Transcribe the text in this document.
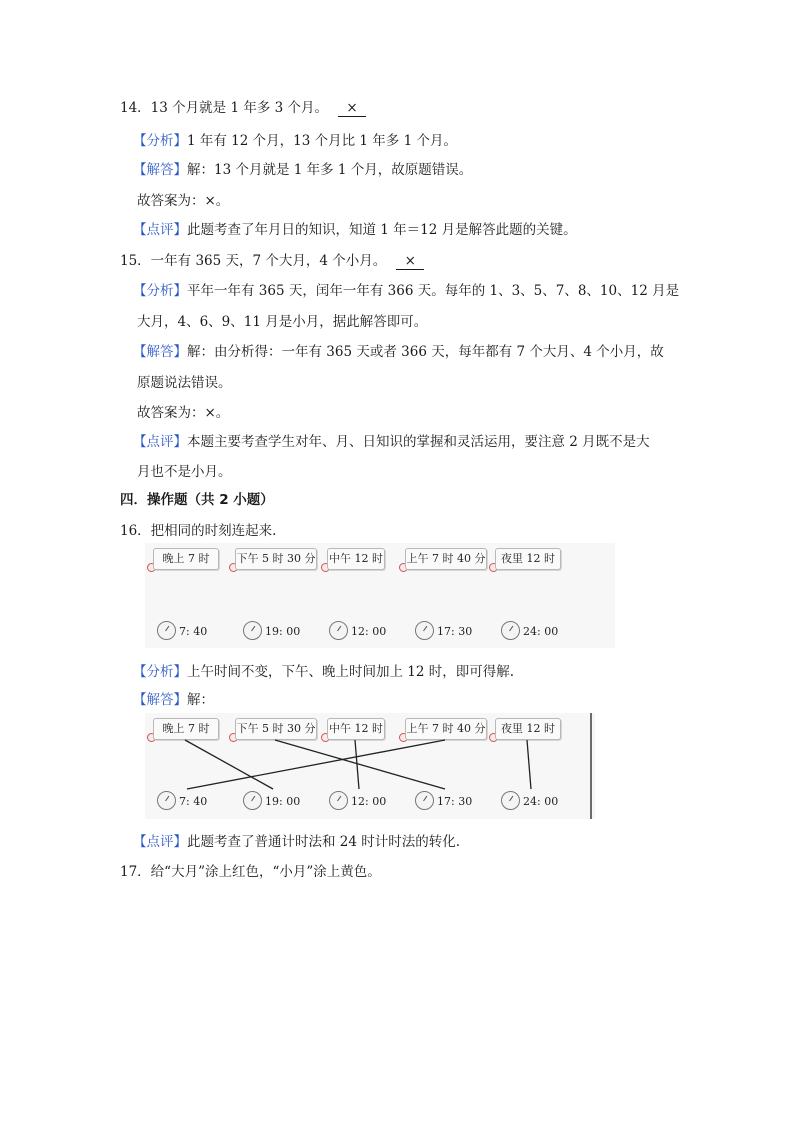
14．13 个月就是 1 年多 3 个月。 ×
【分析】1 年有 12 个月，13 个月比 1 年多 1 个月。
【解答】解：13 个月就是 1 年多 1 个月，故原题错误。
故答案为：×。
【点评】此题考查了年月日的知识，知道 1 年＝12 月是解答此题的关键。
15．一年有 365 天，7 个大月，4 个小月。 ×
【分析】平年一年有 365 天，闰年一年有 366 天。每年的 1、3、5、7、8、10、12 月是
大月，4、6、9、11 月是小月，据此解答即可。
【解答】解：由分析得：一年有 365 天或者 366 天，每年都有 7 个大月、4 个小月，故
原题说法错误。
故答案为：×。
【点评】本题主要考查学生对年、月、日知识的掌握和灵活运用，要注意 2 月既不是大
月也不是小月。
四．操作题（共 2 小题）
16．把相同的时刻连起来.
晚上 7 时	下午 5 时 30 分 中午 12 时 上午 7 时 40 分	夜里 12 时
7: 40	19: 00	12: 00	17: 30	24: 00
【分析】上午时间不变，下午、晚上时间加上 12 时，即可得解.
【解答】解：
晚上 7 时	下午 5 时 30 分 中午 12 时 上午 7 时 40 分	夜里 12 时
7: 40	19: 00	12: 00	17: 30	24: 00
【点评】此题考查了普通计时法和 24 时计时法的转化.
17．给“大月”涂上红色，“小月”涂上黄色。
